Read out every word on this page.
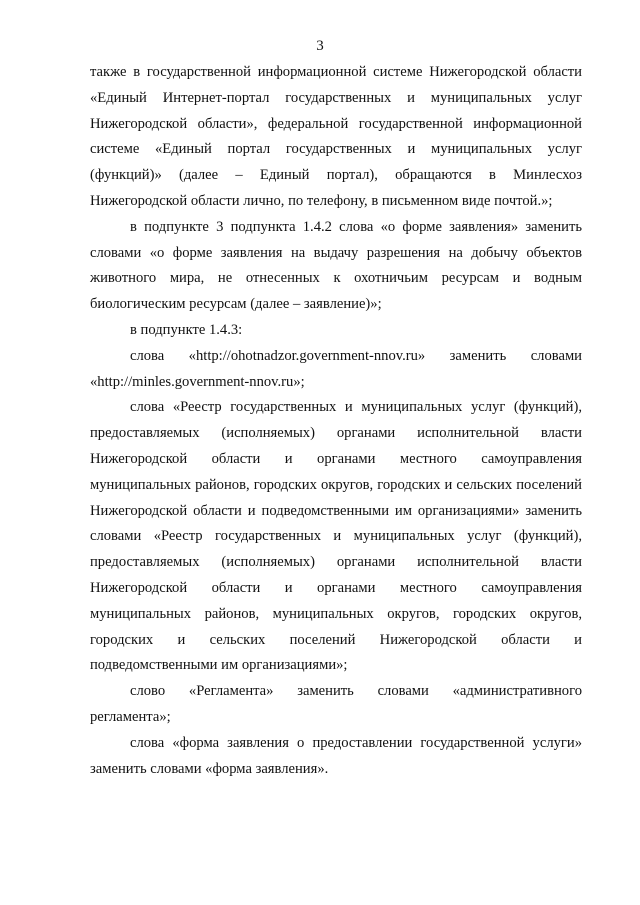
3

также в государственной информационной системе Нижегородской области «Единый Интернет-портал государственных и муниципальных услуг Нижегородской области», федеральной государственной информационной системе «Единый портал государственных и муниципальных услуг (функций)» (далее – Единый портал), обращаются в Минлесхоз Нижегородской области лично, по телефону, в письменном виде почтой.»;

в подпункте 3 подпункта 1.4.2 слова «о форме заявления» заменить словами «о форме заявления на выдачу разрешения на добычу объектов животного мира, не отнесенных к охотничьим ресурсам и водным биологическим ресурсам (далее – заявление)»;

в подпункте 1.4.3:

слова «http://ohotnadzor.government-nnov.ru» заменить словами «http://minles.government-nnov.ru»;

слова «Реестр государственных и муниципальных услуг (функций), предоставляемых (исполняемых) органами исполнительной власти Нижегородской области и органами местного самоуправления муниципальных районов, городских округов, городских и сельских поселений Нижегородской области и подведомственными им организациями» заменить словами «Реестр государственных и муниципальных услуг (функций), предоставляемых (исполняемых) органами исполнительной власти Нижегородской области и органами местного самоуправления муниципальных районов, муниципальных округов, городских округов, городских и сельских поселений Нижегородской области и подведомственными им организациями»;

слово «Регламента» заменить словами «административного регламента»;

слова «форма заявления о предоставлении государственной услуги» заменить словами «форма заявления».
